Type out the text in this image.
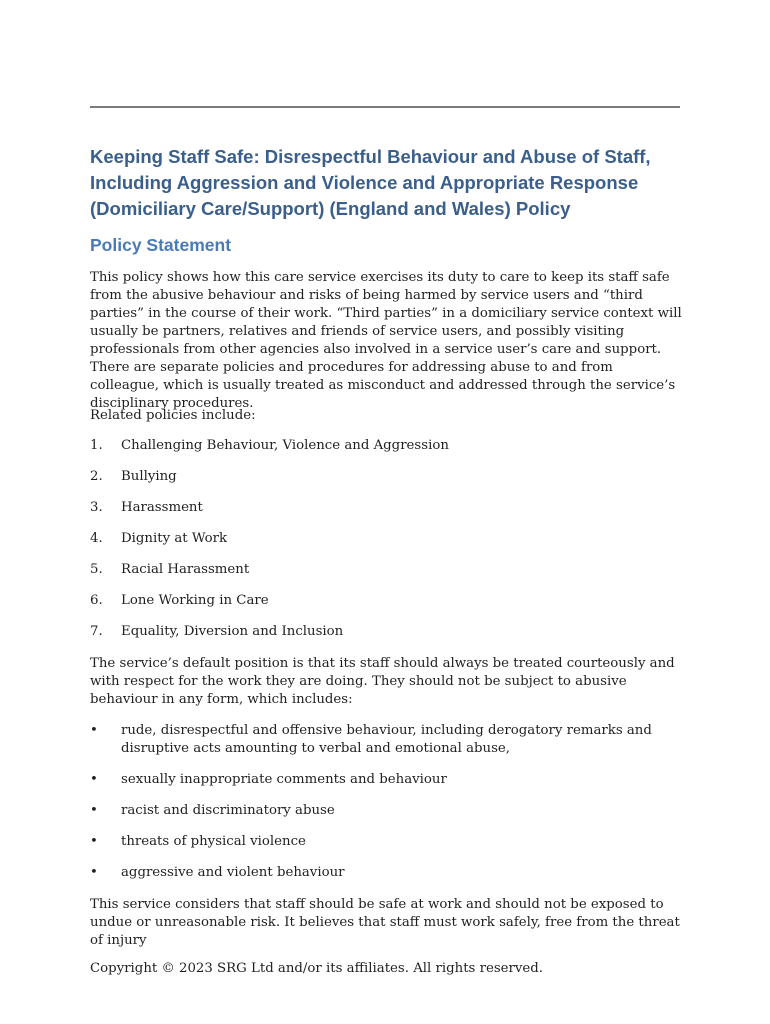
Keeping Staff Safe: Disrespectful Behaviour and Abuse of Staff, Including Aggression and Violence and Appropriate Response (Domiciliary Care/Support) (England and Wales) Policy
Policy Statement

This policy shows how this care service exercises its duty to care to keep its staff safe from the abusive behaviour and risks of being harmed by service users and “third parties” in the course of their work. “Third parties” in a domiciliary service context will usually be partners, relatives and friends of service users, and possibly visiting professionals from other agencies also involved in a service user’s care and support. There are separate policies and procedures for addressing abuse to and from colleague, which is usually treated as misconduct and addressed through the service’s disciplinary procedures.

Related policies include:

1.	Challenging Behaviour, Violence and Aggression
2.	Bullying
3.	Harassment
4.	Dignity at Work
5.	Racial Harassment
6.	Lone Working in Care
7.	Equality, Diversion and Inclusion

The service’s default position is that its staff should always be treated courteously and with respect for the work they are doing. They should not be subject to abusive behaviour in any form, which includes:

•	rude, disrespectful and offensive behaviour, including derogatory remarks and disruptive acts amounting to verbal and emotional abuse,
•	sexually inappropriate comments and behaviour
•	racist and discriminatory abuse
•	threats of physical violence
•	aggressive and violent behaviour

This service considers that staff should be safe at work and should not be exposed to undue or unreasonable risk. It believes that staff must work safely, free from the threat of injury

Copyright © 2023 SRG Ltd and/or its affiliates. All rights reserved.
